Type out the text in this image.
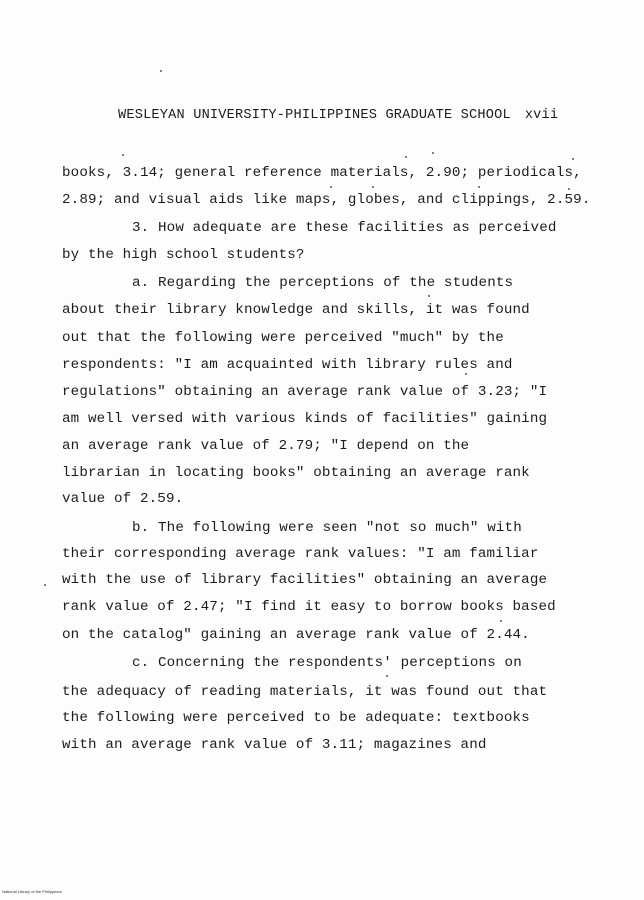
WESLEYAN UNIVERSITY-PHILIPPINES GRADUATE SCHOOL xvii
books, 3.14; general reference materials, 2.90; periodicals,
2.89; and visual aids like maps, globes, and clippings, 2.59.
3. How adequate are these facilities as perceived
by the high school students?
a. Regarding the perceptions of the students
about their library knowledge and skills, it was found
out that the following were perceived "much" by the
respondents: "I am acquainted with library rules and
regulations" obtaining an average rank value of 3.23; "I
am well versed with various kinds of facilities" gaining
an average rank value of 2.79; "I depend on the
librarian in locating books" obtaining an average rank
value of 2.59.
b. The following were seen "not so much" with
their corresponding average rank values: "I am familiar
with the use of library facilities" obtaining an average
rank value of 2.47; "I find it easy to borrow books based
on the catalog" gaining an average rank value of 2.44.
c. Concerning the respondents' perceptions on
the adequacy of reading materials, it was found out that
the following were perceived to be adequate: textbooks
with an average rank value of 3.11; magazines and
National Library of the Philippines
